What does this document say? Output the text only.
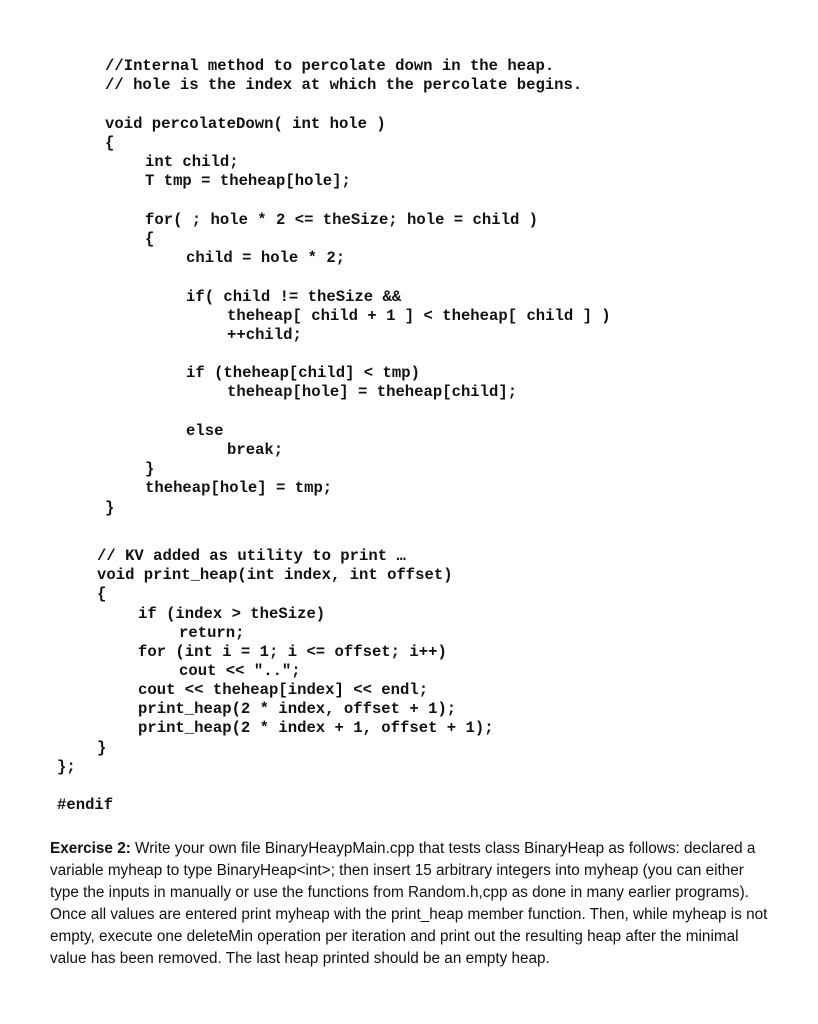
//Internal method to percolate down in the heap.
// hole is the index at which the percolate begins.
void percolateDown( int hole )
{
int child;
T tmp = theheap[hole];
for( ; hole * 2 <= theSize; hole = child )
{
child = hole * 2;
if( child != theSize &&
theheap[ child + 1 ] < theheap[ child ] )
++child;
if (theheap[child] < tmp)
theheap[hole] = theheap[child];
else
break;
}
theheap[hole] = tmp;
}
// KV added as utility to print …
void print_heap(int index, int offset)
{
if (index > theSize)
return;
for (int i = 1; i <= offset; i++)
cout << "..";
cout << theheap[index] << endl;
print_heap(2 * index, offset + 1);
print_heap(2 * index + 1, offset + 1);
}
};
#endif

Exercise 2: Write your own file BinaryHeaypMain.cpp that tests class BinaryHeap as follows: declared a variable myheap to type BinaryHeap<int>; then insert 15 arbitrary integers into myheap (you can either type the inputs in manually or use the functions from Random.h,cpp as done in many earlier programs). Once all values are entered print myheap with the print_heap member function. Then, while myheap is not empty, execute one deleteMin operation per iteration and print out the resulting heap after the minimal value has been removed. The last heap printed should be an empty heap.
